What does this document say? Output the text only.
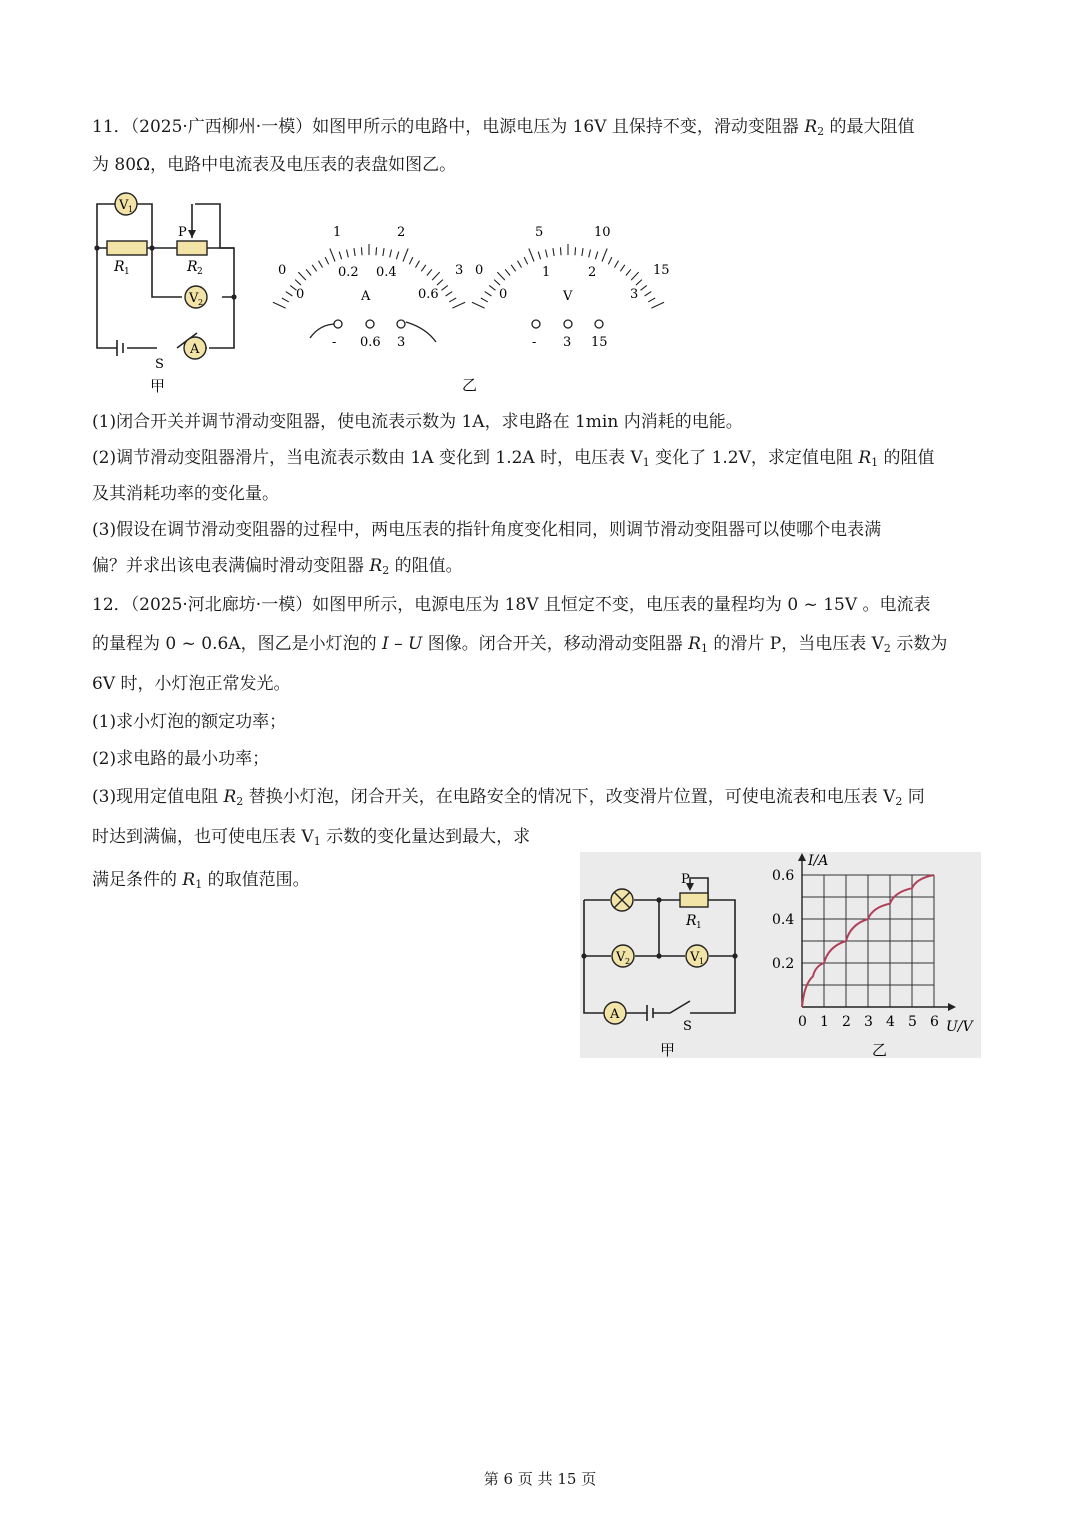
11．（2025·广西柳州·一模）如图甲所示的电路中，电源电压为 16V 且保持不变，滑动变阻器 $R_2$ 的最大阻值
为 80Ω，电路中电流表及电压表的表盘如图乙。
V 1
V 2
A
P
R 1	R 2
S
甲
0
1	2
3
0
0.2 0.4
0.6
A
0
5	10
15
0
1	2
3
V
- 0.6 3	- 3 15
乙
(1)闭合开关并调节滑动变阻器，使电流表示数为 1A，求电路在 1min 内消耗的电能。
(2)调节滑动变阻器滑片，当电流表示数由 1A 变化到 1.2A 时，电压表 $V_1$ 变化了 1.2V，求定值电阻 $R_1$ 的阻值
及其消耗功率的变化量。
(3)假设在调节滑动变阻器的过程中，两电压表的指针角度变化相同，则调节滑动变阻器可以使哪个电表满
偏？并求出该电表满偏时滑动变阻器 $R_2$ 的阻值。
12．（2025·河北廊坊·一模）如图甲所示，电源电压为 18V 且恒定不变，电压表的量程均为 0 ~ 15V 。电流表
的量程为 0 ~ 0.6A，图乙是小灯泡的 I – U 图像。闭合开关，移动滑动变阻器 $R_1$ 的滑片 P，当电压表 $V_2$ 示数为
6V 时，小灯泡正常发光。
(1)求小灯泡的额定功率；
(2)求电路的最小功率；
(3)现用定值电阻 $R_2$ 替换小灯泡，闭合开关，在电路安全的情况下，改变滑片位置，可使电流表和电压表 $V_2$ 同
时达到满偏，也可使电压表 $V_1$ 示数的变化量达到最大，求
满足条件的 $R_1$ 的取值范围。	P
R 1
V 2	V 1
A
S
甲
0 1 2 3 4 5 6
0.2
0.4
0.6
U/V
I/A
乙
第 6 页 共 15 页
